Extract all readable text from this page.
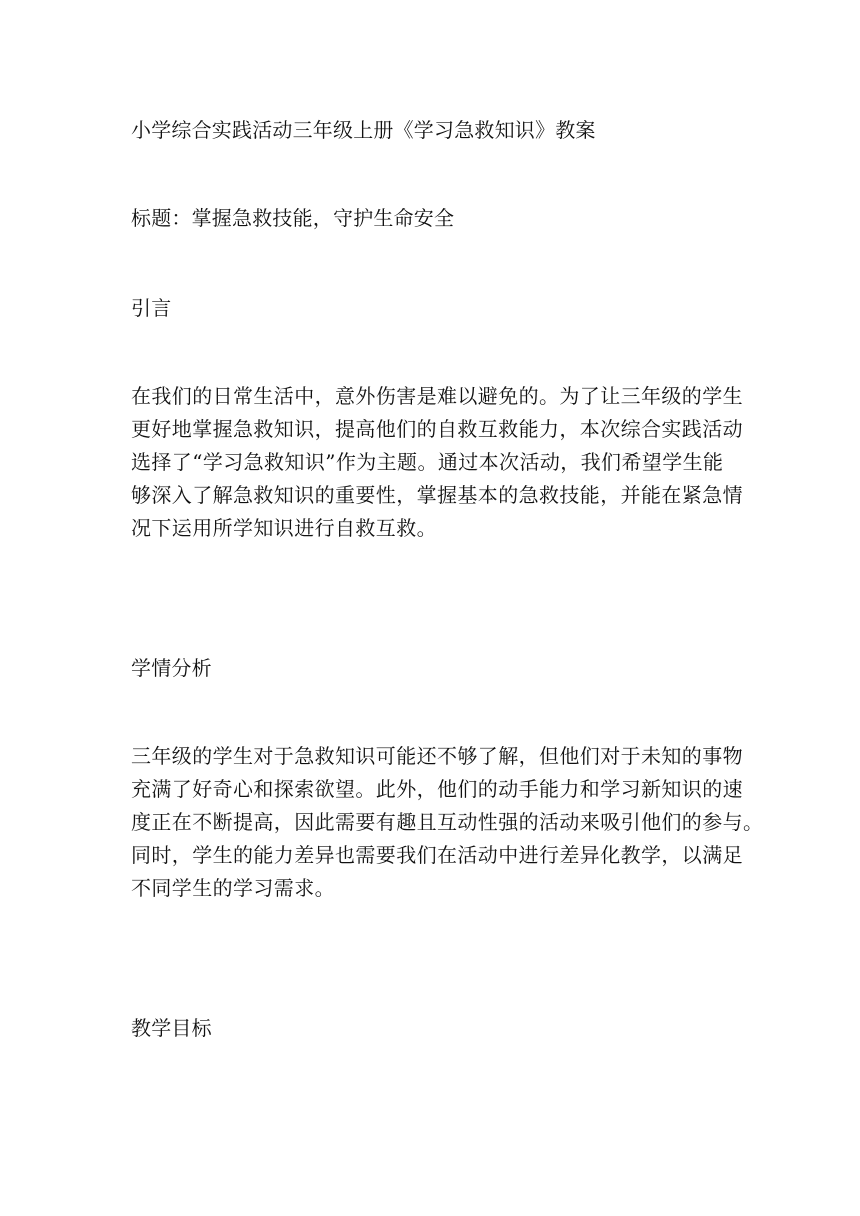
小学综合实践活动三年级上册《学习急救知识》教案
标题：掌握急救技能，守护生命安全
引言
在我们的日常生活中，意外伤害是难以避免的。为了让三年级的学生
更好地掌握急救知识，提高他们的自救互救能力，本次综合实践活动
选择了“学习急救知识”作为主题。通过本次活动，我们希望学生能
够深入了解急救知识的重要性，掌握基本的急救技能，并能在紧急情
况下运用所学知识进行自救互救。
学情分析
三年级的学生对于急救知识可能还不够了解，但他们对于未知的事物
充满了好奇心和探索欲望。此外，他们的动手能力和学习新知识的速
度正在不断提高，因此需要有趣且互动性强的活动来吸引他们的参与。
同时，学生的能力差异也需要我们在活动中进行差异化教学，以满足
不同学生的学习需求。
教学目标
